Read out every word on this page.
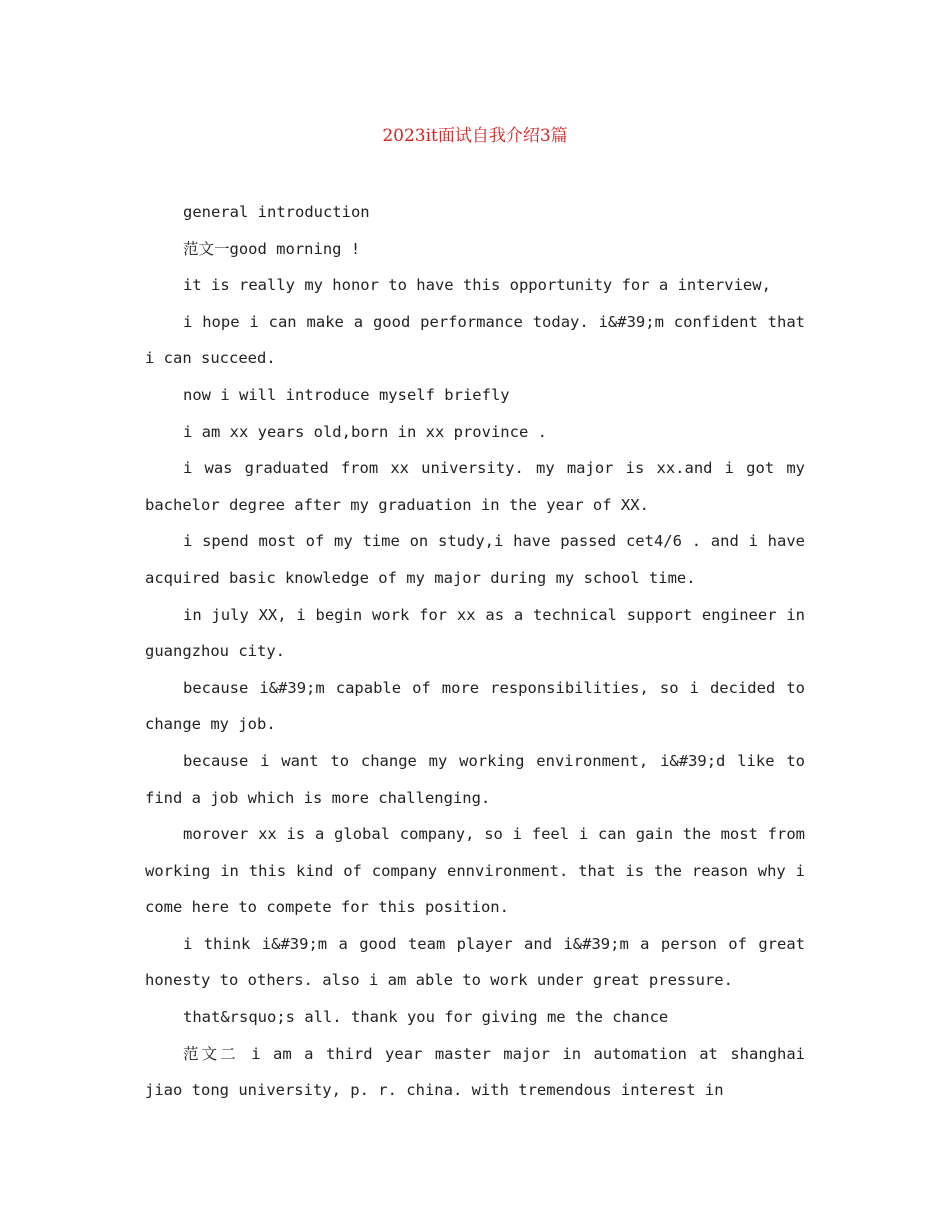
2023it面试自我介绍3篇

general introduction

范文一good morning !

it is really my honor to have this opportunity for a interview,

i hope i can make a good performance today. i&#39;m confident that i can succeed.

now i will introduce myself briefly

i am xx years old,born in xx province .

i was graduated from xx university. my major is xx.and i got my bachelor degree after my graduation in the year of XX.

i spend most of my time on study,i have passed cet4/6 . and i have acquired basic knowledge of my major during my school time.

in july XX, i begin work for xx as a technical support engineer in guangzhou city.

because i&#39;m capable of more responsibilities, so i decided to change my job.

because i want to change my working environment, i&#39;d like to find a job which is more challenging.

morover xx is a global company, so i feel i can gain the most from working in this kind of company ennvironment. that is the reason why i come here to compete for this position.

i think i&#39;m a good team player and i&#39;m a person of great honesty to others. also i am able to work under great pressure.

that&rsquo;s all. thank you for giving me the chance

范文二 i am a third year master major in automation at shanghai jiao tong university, p. r. china. with tremendous interest in
